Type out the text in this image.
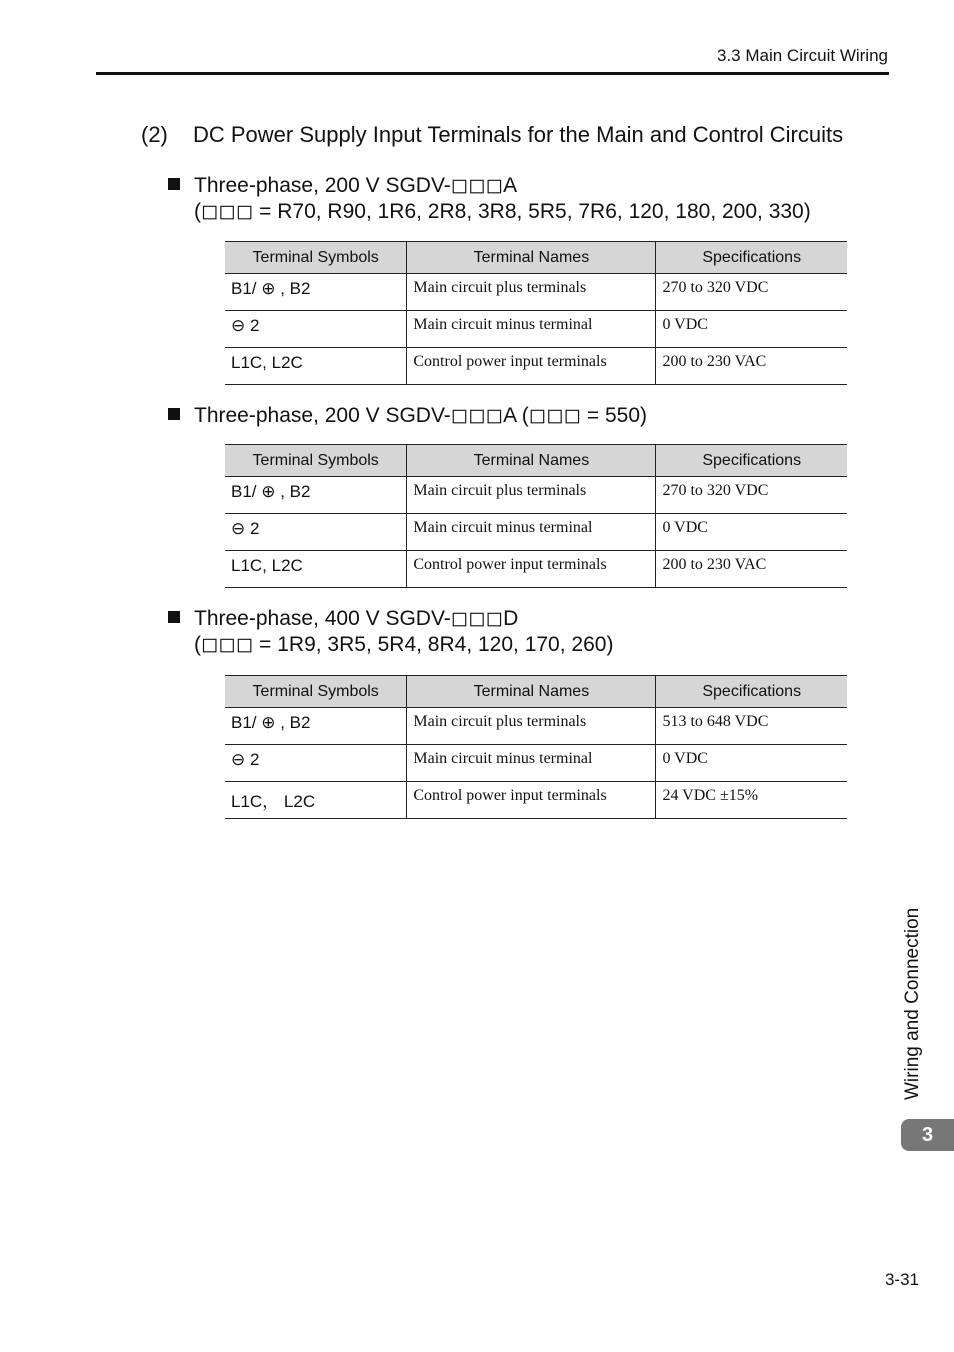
3.3 Main Circuit Wiring
(2) DC Power Supply Input Terminals for the Main and Control Circuits
Three-phase, 200 V SGDV-◻◻◻A
(◻◻◻ = R70, R90, 1R6, 2R8, 3R8, 5R5, 7R6, 120, 180, 200, 330)
Terminal Symbols	Terminal Names	Specifications
B1/ ⊕ , B2	Main circuit plus terminals	270 to 320 VDC
⊖ 2	Main circuit minus terminal	0 VDC
L1C, L2C	Control power input terminals	200 to 230 VAC
Three-phase, 200 V SGDV-◻◻◻A (◻◻◻ = 550)
Terminal Symbols	Terminal Names	Specifications
B1/ ⊕ , B2	Main circuit plus terminals	270 to 320 VDC
⊖ 2	Main circuit minus terminal	0 VDC
L1C, L2C	Control power input terminals	200 to 230 VAC
Three-phase, 400 V SGDV-◻◻◻D
(◻◻◻ = 1R9, 3R5, 5R4, 8R4, 120, 170, 260)
Terminal Symbols	Terminal Names	Specifications
B1/ ⊕ , B2	Main circuit plus terminals	513 to 648 VDC
⊖ 2	Main circuit minus terminal	0 VDC
L1C， L2C	Control power input terminals	24 VDC ±15%
Wiring and Connection
3
3-31
